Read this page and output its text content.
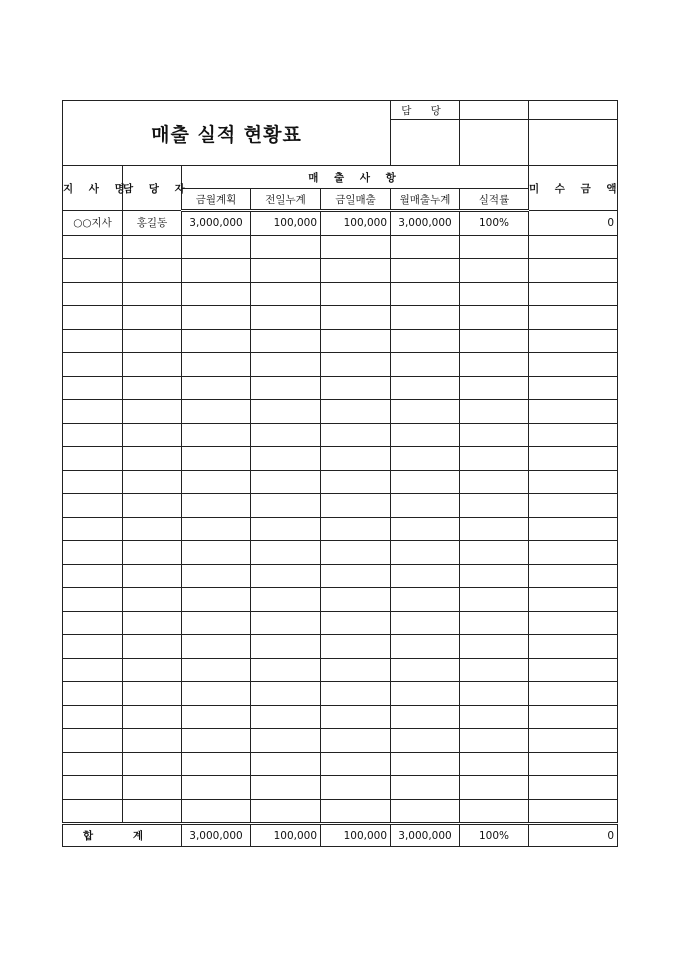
매출 실적 현황표					담 당		

지 사 명	담 당 자	매 출 사 항					미 수 금 액
		금월계획	전일누계	금일매출	월매출누계	실적률	
○○지사	홍길동	3,000,000	100,000	100,000	3,000,000	100%	0

합 계		3,000,000	100,000	100,000	3,000,000	100%	0
